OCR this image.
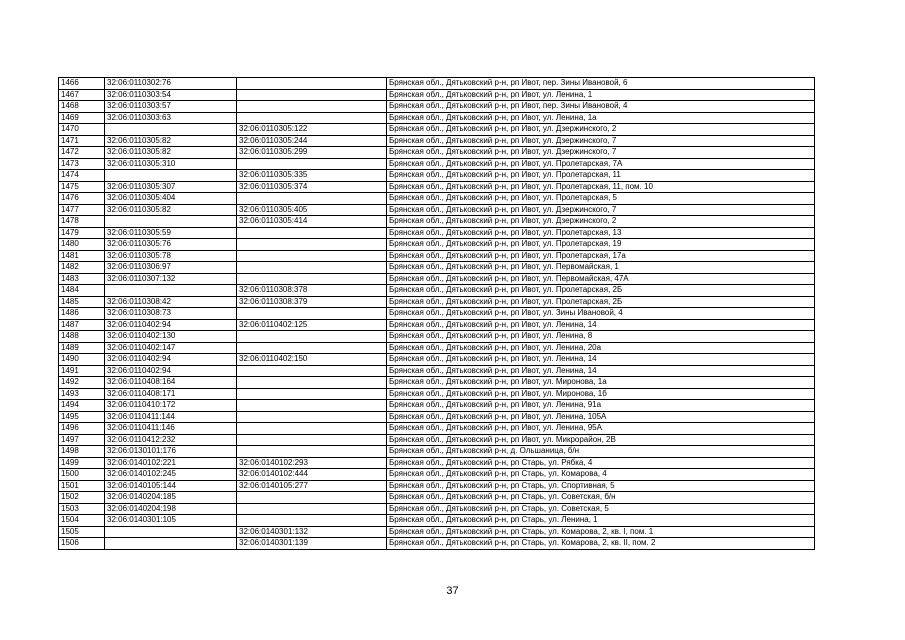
1466	32:06:0110302:76		Брянская обл., Дятьковский р-н, рп Ивот, пер. Зины Ивановой, 6
1467	32:06:0110303:54		Брянская обл., Дятьковский р-н, рп Ивот, ул. Ленина, 1
1468	32:06:0110303:57		Брянская обл., Дятьковский р-н, рп Ивот, пер. Зины Ивановой, 4
1469	32:06:0110303:63		Брянская обл., Дятьковский р-н, рп Ивот, ул. Ленина, 1а
1470		32:06:0110305:122	Брянская обл., Дятьковский р-н, рп Ивот, ул. Дзержинского, 2
1471	32:06:0110305:82	32:06:0110305:244	Брянская обл., Дятьковский р-н, рп Ивот, ул. Дзержинского, 7
1472	32:06:0110305:82	32:06:0110305:299	Брянская обл., Дятьковский р-н, рп Ивот, ул. Дзержинского, 7
1473	32:06:0110305:310		Брянская обл., Дятьковский р-н, рп Ивот, ул. Пролетарская, 7А
1474		32:06:0110305:335	Брянская обл., Дятьковский р-н, рп Ивот, ул. Пролетарская, 11
1475	32:06:0110305:307	32:06:0110305:374	Брянская обл., Дятьковский р-н, рп Ивот, ул. Пролетарская, 11, пом. 10
1476	32:06:0110305:404		Брянская обл., Дятьковский р-н, рп Ивот, ул. Пролетарская, 5
1477	32:06:0110305:82	32:06:0110305:405	Брянская обл., Дятьковский р-н, рп Ивот, ул. Дзержинского, 7
1478		32:06:0110305:414	Брянская обл., Дятьковский р-н, рп Ивот, ул. Дзержинского, 2
1479	32:06:0110305:59		Брянская обл., Дятьковский р-н, рп Ивот, ул. Пролетарская, 13
1480	32:06:0110305:76		Брянская обл., Дятьковский р-н, рп Ивот, ул. Пролетарская, 19
1481	32:06:0110305:78		Брянская обл., Дятьковский р-н, рп Ивот, ул. Пролетарская, 17а
1482	32:06:0110306:97		Брянская обл., Дятьковский р-н, рп Ивот, ул. Первомайская, 1
1483	32:06:0110307:132		Брянская обл., Дятьковский р-н, рп Ивот, ул. Первомайская, 47А
1484		32:06:0110308:378	Брянская обл., Дятьковский р-н, рп Ивот, ул. Пролетарская, 2Б
1485	32:06:0110308:42	32:06:0110308:379	Брянская обл., Дятьковский р-н, рп Ивот, ул. Пролетарская, 2Б
1486	32:06:0110308:73		Брянская обл., Дятьковский р-н, рп Ивот, ул. Зины Ивановой, 4
1487	32:06:0110402:94	32:06:0110402:125	Брянская обл., Дятьковский р-н, рп Ивот, ул. Ленина, 14
1488	32:06:0110402:130		Брянская обл., Дятьковский р-н, рп Ивот, ул. Ленина, 8
1489	32:06:0110402:147		Брянская обл., Дятьковский р-н, рп Ивот, ул. Ленина, 20а
1490	32:06:0110402:94	32:06:0110402:150	Брянская обл., Дятьковский р-н, рп Ивот, ул. Ленина, 14
1491	32:06:0110402:94		Брянская обл., Дятьковский р-н, рп Ивот, ул. Ленина, 14
1492	32:06:0110408:164		Брянская обл., Дятьковский р-н, рп Ивот, ул. Миронова, 1а
1493	32:06:0110408:171		Брянская обл., Дятьковский р-н, рп Ивот, ул. Миронова, 1б
1494	32:06:0110410:172		Брянская обл., Дятьковский р-н, рп Ивот, ул. Ленина, 91а
1495	32:06:0110411:144		Брянская обл., Дятьковский р-н, рп Ивот, ул. Ленина, 105А
1496	32:06:0110411:146		Брянская обл., Дятьковский р-н, рп Ивот, ул. Ленина, 95А
1497	32:06:0110412:232		Брянская обл., Дятьковский р-н, рп Ивот, ул. Микрорайон, 2В
1498	32:06:0130101:176		Брянская обл., Дятьковский р-н, д. Ольшаница, б/н
1499	32:06:0140102:221	32:06:0140102:293	Брянская обл., Дятьковский р-н, рп Старь, ул. Рябка, 4
1500	32:06:0140102:245	32:06:0140102:444	Брянская обл., Дятьковский р-н, рп Старь, ул. Комарова, 4
1501	32:06:0140105:144	32:06:0140105:277	Брянская обл., Дятьковский р-н, рп Старь, ул. Спортивная, 5
1502	32:06:0140204:185		Брянская обл., Дятьковский р-н, рп Старь, ул. Советская, б/н
1503	32:06:0140204:198		Брянская обл., Дятьковский р-н, рп Старь, ул. Советская, 5
1504	32:06:0140301:105		Брянская обл., Дятьковский р-н, рп Старь, ул. Ленина, 1
1505		32:06:0140301:132	Брянская обл., Дятьковский р-н, рп Старь, ул. Комарова, 2, кв. I, пом. 1
1506		32:06:0140301:139	Брянская обл., Дятьковский р-н, рп Старь, ул. Комарова, 2, кв. II, пом. 2
37
